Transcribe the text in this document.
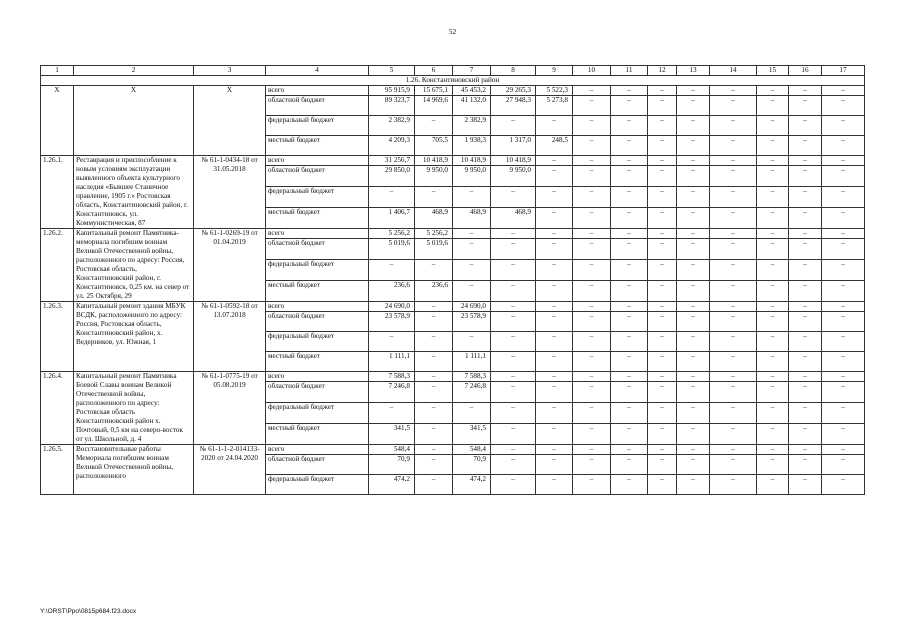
52
1	2	3	4	5	6	7	8	9	10	11	12	13	14	15	16	17
1.26. Константиновский район																
X	X	X	всего	95 915,9	15 675,1	45 453,2	29 265,3	5 522,3	–	–	–	–	–	–	–	–
			областной бюджет	89 323,7	14 969,6	41 132,0	27 948,3	5 273,8	–	–	–	–	–	–	–	–
			федеральный бюджет	2 382,9	–	2 382,9	–	–	–	–	–	–	–	–	–	–
			местный бюджет	4 209,3	705,5	1 938,3	1 317,0	248,5	–	–	–	–	–	–	–	–
1.26.1.	Реставрация и приспособление к новым условиям эксплуатации выявленного объекта культурного наследия «Бывшее Станичное правление, 1905 г.» Ростовская область, Константиновский район, г. Константиновск, ул. Коммунистическая, 87	№ 61-1-0434-18 от 31.05.2018	всего	31 256,7	10 418,9	10 418,9	10 418,9	–	–	–	–	–	–	–	–	–
			областной бюджет	29 850,0	9 950,0	9 950,0	9 950,0	–	–	–	–	–	–	–	–	–
			федеральный бюджет	–	–	–	–	–	–	–	–	–	–	–	–	–
			местный бюджет	1 406,7	468,9	468,9	468,9	–	–	–	–	–	–	–	–	–
1.26.2.	Капитальный ремонт Памятника-мемориала погибшим воинам Великой Отечественной войны, расположенного по адресу: Россия, Ростовская область, Константиновский район, г. Константиновск, 0,25 км. на север от ул. 25 Октября, 29	№ 61-1-0269-19 от 01.04.2019	всего	5 256,2	5 256,2	–	–	–	–	–	–	–	–	–	–	–
			областной бюджет	5 019,6	5 019,6	–	–	–	–	–	–	–	–	–	–	–
			федеральный бюджет	–	–	–	–	–	–	–	–	–	–	–	–	–
			местный бюджет	236,6	236,6	–	–	–	–	–	–	–	–	–	–	–
1.26.3.	Капитальный ремонт здания МБУК ВСДК, расположенного по адресу: Россия, Ростовская область, Константиновский район, х. Ведерников, ул. Южная, 1	№ 61-1-0592-18 от 13.07.2018	всего	24 690,0	–	24 690,0	–	–	–	–	–	–	–	–	–	–
			областной бюджет	23 578,9	–	23 578,9	–	–	–	–	–	–	–	–	–	–
			федеральный бюджет	–	–	–	–	–	–	–	–	–	–	–	–	–
			местный бюджет	1 111,1	–	1 111,1	–	–	–	–	–	–	–	–	–	–
1.26.4.	Капитальный ремонт Памятника Боевой Славы воинам Великой Отечественной войны, расположенного по адресу: Ростовская область Константиновский район х. Почтовый, 0,5 км на северо-восток от ул. Школьной, д. 4	№ 61-1-0775-19 от 05.08.2019	всего	7 588,3	–	7 588,3	–	–	–	–	–	–	–	–	–	–
			областной бюджет	7 246,8	–	7 246,8	–	–	–	–	–	–	–	–	–	–
			федеральный бюджет	–	–	–	–	–	–	–	–	–	–	–	–	–
			местный бюджет	341,5	–	341,5	–	–	–	–	–	–	–	–	–	–
1.26.5.	Восстановительные работы Мемориала погибшим воинам Великой Отечественной войны, расположенного	№ 61-1-1-2-014133-2020 от 24.04.2020	всего	548,4	–	548,4	–	–	–	–	–	–	–	–	–	–
			областной бюджет	70,9	–	70,9	–	–	–	–	–	–	–	–	–	–
			федеральный бюджет	474,2	–	474,2	–	–	–	–	–	–	–	–	–	–
Y:\ORST\Ppo\0815p684.f23.docx
